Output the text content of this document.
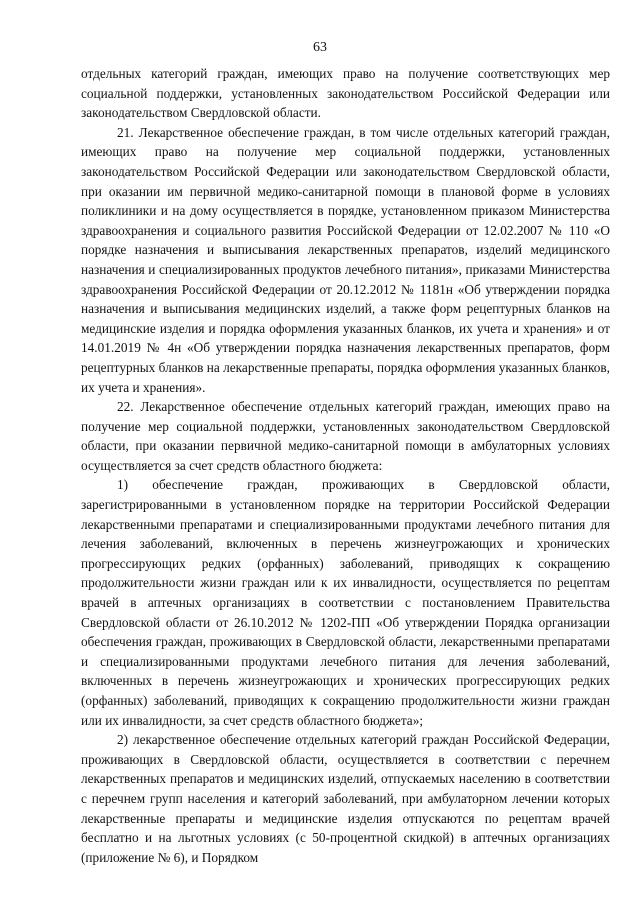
63

отдельных категорий граждан, имеющих право на получение соответствующих мер социальной поддержки, установленных законодательством Российской Федерации или законодательством Свердловской области.

21. Лекарственное обеспечение граждан, в том числе отдельных категорий граждан, имеющих право на получение мер социальной поддержки, установленных законодательством Российской Федерации или законодательством Свердловской области, при оказании им первичной медико-санитарной помощи в плановой форме в условиях поликлиники и на дому осуществляется в порядке, установленном приказом Министерства здравоохранения и социального развития Российской Федерации от 12.02.2007 № 110 «О порядке назначения и выписывания лекарственных препаратов, изделий медицинского назначения и специализированных продуктов лечебного питания», приказами Министерства здравоохранения Российской Федерации от 20.12.2012 № 1181н «Об утверждении порядка назначения и выписывания медицинских изделий, а также форм рецептурных бланков на медицинские изделия и порядка оформления указанных бланков, их учета и хранения» и от 14.01.2019 № 4н «Об утверждении порядка назначения лекарственных препаратов, форм рецептурных бланков на лекарственные препараты, порядка оформления указанных бланков, их учета и хранения».

22. Лекарственное обеспечение отдельных категорий граждан, имеющих право на получение мер социальной поддержки, установленных законодательством Свердловской области, при оказании первичной медико-санитарной помощи в амбулаторных условиях осуществляется за счет средств областного бюджета:

1) обеспечение граждан, проживающих в Свердловской области, зарегистрированными в установленном порядке на территории Российской Федерации лекарственными препаратами и специализированными продуктами лечебного питания для лечения заболеваний, включенных в перечень жизнеугрожающих и хронических прогрессирующих редких (орфанных) заболеваний, приводящих к сокращению продолжительности жизни граждан или к их инвалидности, осуществляется по рецептам врачей в аптечных организациях в соответствии с постановлением Правительства Свердловской области от 26.10.2012 № 1202-ПП «Об утверждении Порядка организации обеспечения граждан, проживающих в Свердловской области, лекарственными препаратами и специализированными продуктами лечебного питания для лечения заболеваний, включенных в перечень жизнеугрожающих и хронических прогрессирующих редких (орфанных) заболеваний, приводящих к сокращению продолжительности жизни граждан или их инвалидности, за счет средств областного бюджета»;

2) лекарственное обеспечение отдельных категорий граждан Российской Федерации, проживающих в Свердловской области, осуществляется в соответствии с перечнем лекарственных препаратов и медицинских изделий, отпускаемых населению в соответствии с перечнем групп населения и категорий заболеваний, при амбулаторном лечении которых лекарственные препараты и медицинские изделия отпускаются по рецептам врачей бесплатно и на льготных условиях (с 50-процентной скидкой) в аптечных организациях (приложение № 6), и Порядком
